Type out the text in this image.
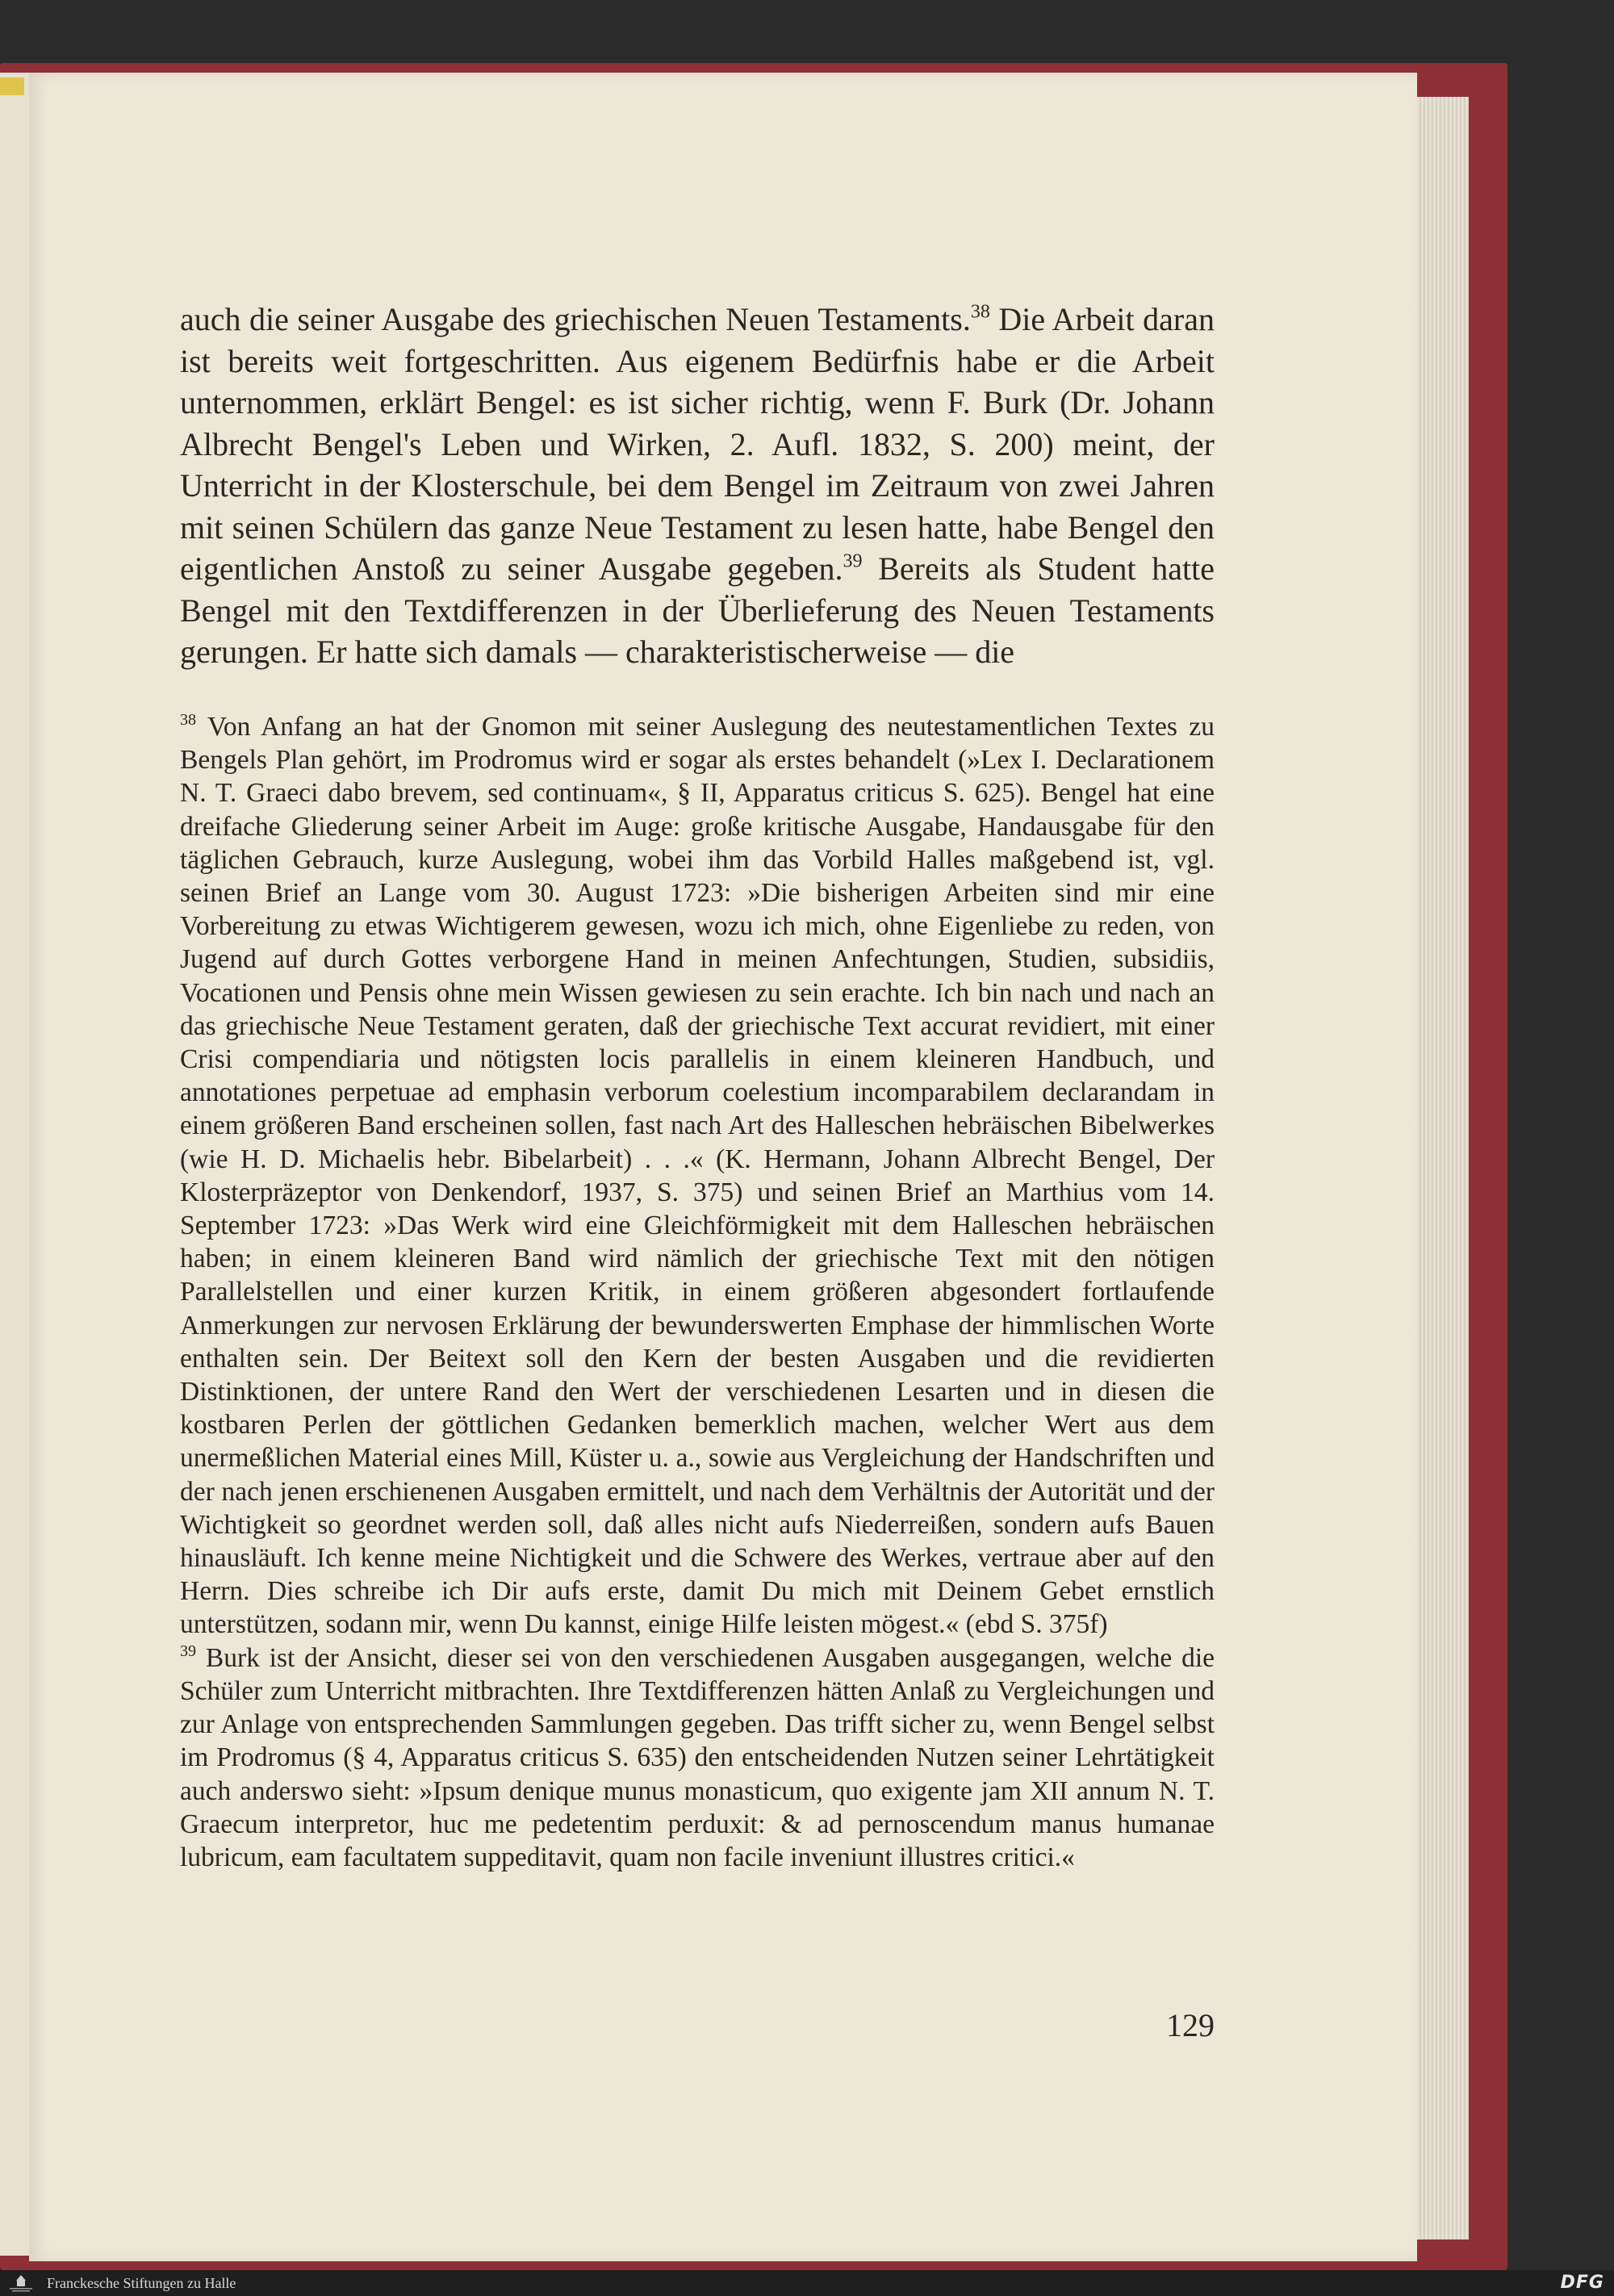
auch die seiner Ausgabe des griechischen Neuen Testaments.$^{38}$ Die Arbeit daran ist bereits weit fortgeschritten. Aus eigenem Bedürfnis habe er die Arbeit unternommen, erklärt Bengel: es ist sicher richtig, wenn F. Burk (Dr. Johann Albrecht Bengel's Leben und Wirken, 2. Aufl. 1832, S. 200) meint, der Unterricht in der Klosterschule, bei dem Bengel im Zeitraum von zwei Jahren mit seinen Schülern das ganze Neue Testament zu lesen hatte, habe Bengel den eigentlichen Anstoß zu seiner Ausgabe gegeben.$^{39}$ Bereits als Student hatte Bengel mit den Textdifferenzen in der Überlieferung des Neuen Testaments gerungen. Er hatte sich damals — charakteristischerweise — die

$^{38}$ Von Anfang an hat der Gnomon mit seiner Auslegung des neutestamentlichen Textes zu Bengels Plan gehört, im Prodromus wird er sogar als erstes behandelt (»Lex I. Declarationem N. T. Graeci dabo brevem, sed continuam«, § II, Apparatus criticus S. 625). Bengel hat eine dreifache Gliederung seiner Arbeit im Auge: große kritische Ausgabe, Handausgabe für den täglichen Gebrauch, kurze Auslegung, wobei ihm das Vorbild Halles maßgebend ist, vgl. seinen Brief an Lange vom 30. August 1723: »Die bisherigen Arbeiten sind mir eine Vorbereitung zu etwas Wichtigerem gewesen, wozu ich mich, ohne Eigenliebe zu reden, von Jugend auf durch Gottes verborgene Hand in meinen Anfechtungen, Studien, subsidiis, Vocationen und Pensis ohne mein Wissen gewiesen zu sein erachte. Ich bin nach und nach an das griechische Neue Testament geraten, daß der griechische Text accurat revidiert, mit einer Crisi compendiaria und nötigsten locis parallelis in einem kleineren Handbuch, und annotationes perpetuae ad emphasin verborum coelestium incomparabilem declarandam in einem größeren Band erscheinen sollen, fast nach Art des Halleschen hebräischen Bibelwerkes (wie H. D. Michaelis hebr. Bibelarbeit) . . .« (K. Hermann, Johann Albrecht Bengel, Der Klosterpräzeptor von Denkendorf, 1937, S. 375) und seinen Brief an Marthius vom 14. September 1723: »Das Werk wird eine Gleichförmigkeit mit dem Halleschen hebräischen haben; in einem kleineren Band wird nämlich der griechische Text mit den nötigen Parallelstellen und einer kurzen Kritik, in einem größeren abgesondert fortlaufende Anmerkungen zur nervosen Erklärung der bewunderswerten Emphase der himmlischen Worte enthalten sein. Der Beitext soll den Kern der besten Ausgaben und die revidierten Distinktionen, der untere Rand den Wert der verschiedenen Lesarten und in diesen die kostbaren Perlen der göttlichen Gedanken bemerklich machen, welcher Wert aus dem unermeßlichen Material eines Mill, Küster u. a., sowie aus Vergleichung der Handschriften und der nach jenen erschienenen Ausgaben ermittelt, und nach dem Verhältnis der Autorität und der Wichtigkeit so geordnet werden soll, daß alles nicht aufs Niederreißen, sondern aufs Bauen hinausläuft. Ich kenne meine Nichtigkeit und die Schwere des Werkes, vertraue aber auf den Herrn. Dies schreibe ich Dir aufs erste, damit Du mich mit Deinem Gebet ernstlich unterstützen, sodann mir, wenn Du kannst, einige Hilfe leisten mögest.« (ebd S. 375f)

$^{39}$ Burk ist der Ansicht, dieser sei von den verschiedenen Ausgaben ausgegangen, welche die Schüler zum Unterricht mitbrachten. Ihre Textdifferenzen hätten Anlaß zu Vergleichungen und zur Anlage von entsprechenden Sammlungen gegeben. Das trifft sicher zu, wenn Bengel selbst im Prodromus (§ 4, Apparatus criticus S. 635) den entscheidenden Nutzen seiner Lehrtätigkeit auch anderswo sieht: »Ipsum denique munus monasticum, quo exigente jam XII annum N. T. Graecum interpretor, huc me pedetentim perduxit: & ad pernoscendum manus humanae lubricum, eam facultatem suppeditavit, quam non facile inveniunt illustres critici.«

129
Franckesche Stiftungen zu Halle	DFG
